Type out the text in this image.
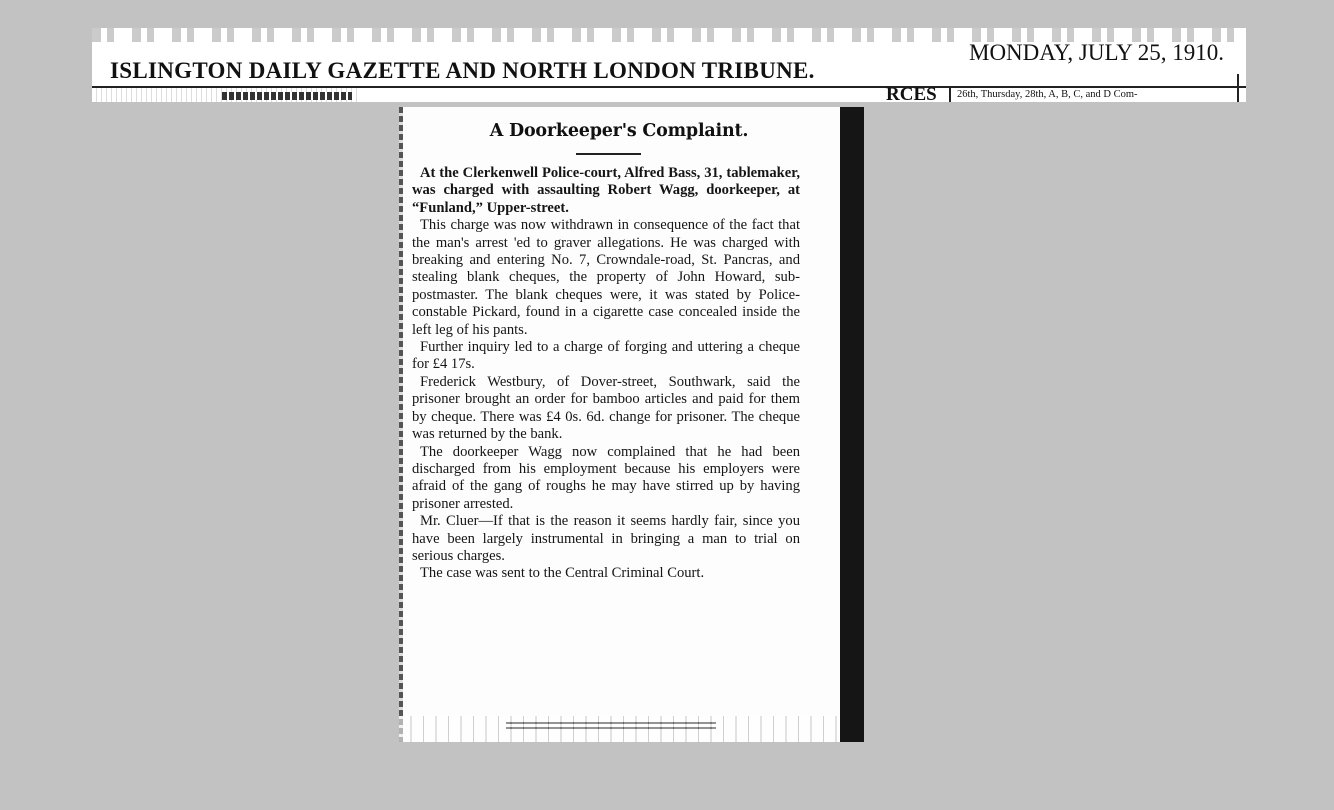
ISLINGTON DAILY GAZETTE AND NORTH LONDON TRIBUNE.
MONDAY, JULY 25, 1910.
RCES 26th, Thursday, 28th, A, B, C, and D Com-
A Doorkeeper's Complaint.

At the Clerkenwell Police-court, Alfred Bass, 31, tablemaker, was charged with assaulting Robert Wagg, doorkeeper, at “Funland,” Upper-street.

This charge was now withdrawn in consequence of the fact that the man's arrest 'ed to graver allegations. He was charged with breaking and entering No. 7, Crowndale-road, St. Pancras, and stealing blank cheques, the property of John Howard, sub-postmaster. The blank cheques were, it was stated by Police-constable Pickard, found in a cigarette case concealed inside the left leg of his pants.

Further inquiry led to a charge of forging and uttering a cheque for £4 17s.

Frederick Westbury, of Dover-street, Southwark, said the prisoner brought an order for bamboo articles and paid for them by cheque. There was £4 0s. 6d. change for prisoner. The cheque was returned by the bank.

The doorkeeper Wagg now complained that he had been discharged from his employment because his employers were afraid of the gang of roughs he may have stirred up by having prisoner arrested.

Mr. Cluer—If that is the reason it seems hardly fair, since you have been largely instrumental in bringing a man to trial on serious charges.

The case was sent to the Central Criminal Court.
